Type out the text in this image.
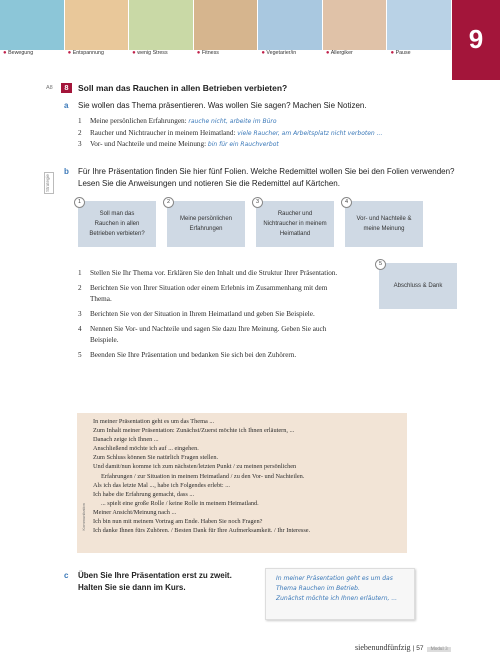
9
● Bewegung	● Entspannung	● wenig Stress	● Fitness	● Vegetarier/in	● Allergiker	● Pause
A8	8	Soll man das Rauchen in allen Betrieben verbieten?
a Sie wollen das Thema präsentieren. Was wollen Sie sagen? Machen Sie Notizen.
1 Meine persönlichen Erfahrungen: rauche nicht, arbeite im Büro
2 Raucher und Nichtraucher in meinem Heimatland: viele Raucher, am Arbeitsplatz nicht verboten ...
3 Vor- und Nachteile und meine Meinung: bin für ein Rauchverbot
Strategie
b Für Ihre Präsentation finden Sie hier fünf Folien. Welche Redemittel wollen Sie bei den Folien verwenden? Lesen Sie die Anweisungen und notieren Sie die Redemittel auf Kärtchen.
1
Soll man das Rauchen in allen Betrieben verbieten?
2
Meine persönlichen Erfahrungen
3
Raucher und Nichtraucher in meinem Heimatland
4
Vor- und Nachteile & meine Meinung
5
Abschluss & Dank
1 Stellen Sie Ihr Thema vor. Erklären Sie den Inhalt und die Struktur Ihrer Präsentation.
2 Berichten Sie von Ihrer Situation oder einem Erlebnis im Zusammenhang mit dem Thema.
3 Berichten Sie von der Situation in Ihrem Heimatland und geben Sie Beispiele.
4 Nennen Sie Vor- und Nachteile und sagen Sie dazu Ihre Meinung. Geben Sie auch Beispiele.
5 Beenden Sie Ihre Präsentation und bedanken Sie sich bei den Zuhörern.
Kommunikation
In meiner Präsentation geht es um das Thema ...
Zum Inhalt meiner Präsentation: Zunächst/Zuerst möchte ich Ihnen erläutern, ...
Danach zeige ich Ihnen ...
Anschließend möchte ich auf ... eingehen.
Zum Schluss können Sie natürlich Fragen stellen.
Und damit/nun komme ich zum nächsten/letzten Punkt / zu meinen persönlichen
Erfahrungen / zur Situation in meinem Heimatland / zu den Vor- und Nachteilen.
Als ich das letzte Mal ..., habe ich Folgendes erlebt: ...
Ich habe die Erfahrung gemacht, dass ...
... spielt eine große Rolle / keine Rolle in meinem Heimatland.
Meiner Ansicht/Meinung nach ...
Ich bin nun mit meinem Vortrag am Ende. Haben Sie noch Fragen?
Ich danke Ihnen fürs Zuhören. / Besten Dank für Ihre Aufmerksamkeit. / Ihr Interesse.
c Üben Sie Ihre Präsentation erst zu zweit.
Halten Sie sie dann im Kurs.
In meiner Präsentation geht es um das
Thema Rauchen im Betrieb.
Zunächst möchte ich Ihnen erläutern, ...
siebenundfünfzig | 57 Modul 3
